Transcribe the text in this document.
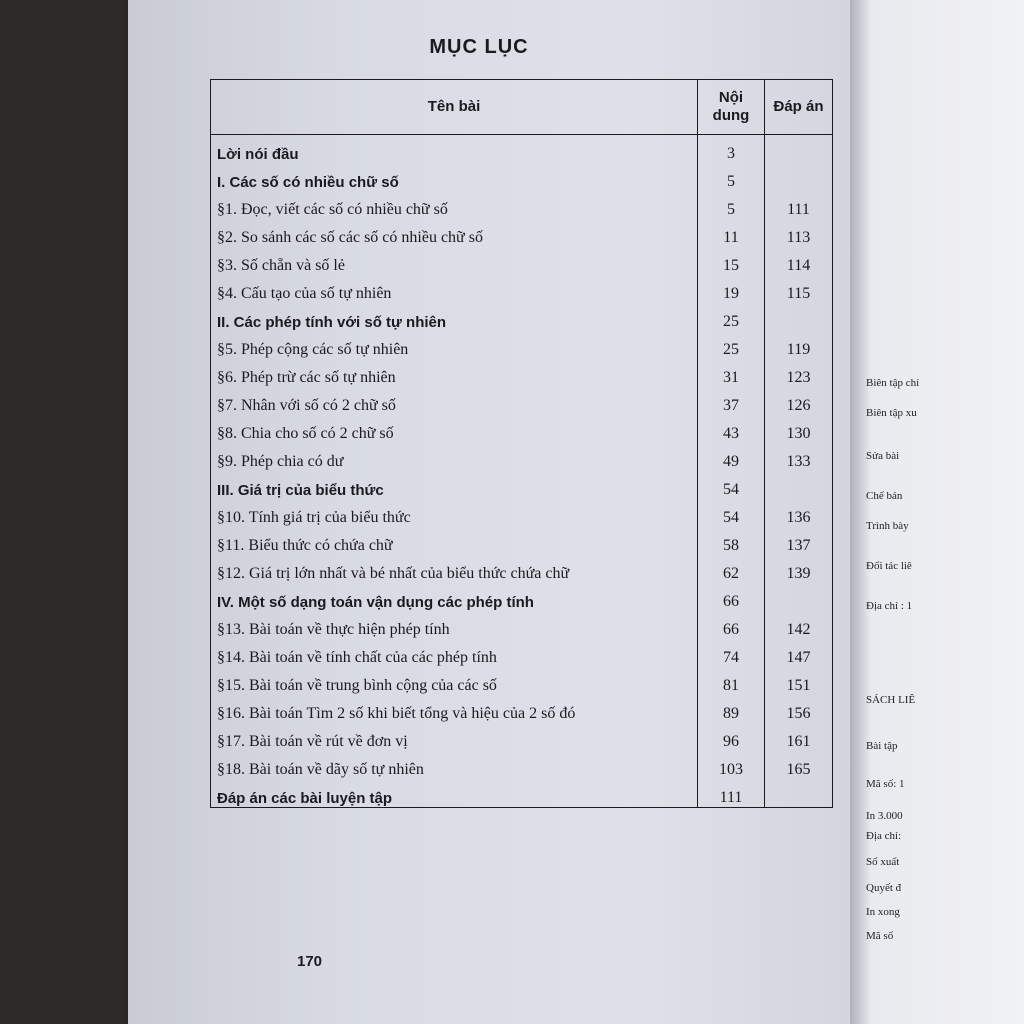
MỤC LỤC
170
Biên tập chí
Biên tập xu
Sửa bài
Chế bản
Trình bày
Đối tác liê
Địa chỉ : 1
SÁCH LIÊ
Bài tập
Mã số: 1
In 3.000
Địa chỉ:
Số xuất
Quyết đ
In xong
Mã số
Tên bài	Nội dung	Đáp án
Lời nói đầu	3	
I. Các số có nhiều chữ số	5	
§1. Đọc, viết các số có nhiều chữ số	5	111
§2. So sánh các số các số có nhiều chữ số	11	113
§3. Số chẵn và số lẻ	15	114
§4. Cấu tạo của số tự nhiên	19	115
II. Các phép tính với số tự nhiên	25	
§5. Phép cộng các số tự nhiên	25	119
§6. Phép trừ các số tự nhiên	31	123
§7. Nhân với số có 2 chữ số	37	126
§8. Chia cho số có 2 chữ số	43	130
§9. Phép chia có dư	49	133
III. Giá trị của biểu thức	54	
§10. Tính giá trị của biểu thức	54	136
§11. Biểu thức có chứa chữ	58	137
§12. Giá trị lớn nhất và bé nhất của biểu thức chứa chữ	62	139
IV. Một số dạng toán vận dụng các phép tính	66	
§13. Bài toán về thực hiện phép tính	66	142
§14. Bài toán về tính chất của các phép tính	74	147
§15. Bài toán về trung bình cộng của các số	81	151
§16. Bài toán Tìm 2 số khi biết tổng và hiệu của 2 số đó	89	156
§17. Bài toán về rút về đơn vị	96	161
§18. Bài toán về dãy số tự nhiên	103	165
Đáp án các bài luyện tập	111	
